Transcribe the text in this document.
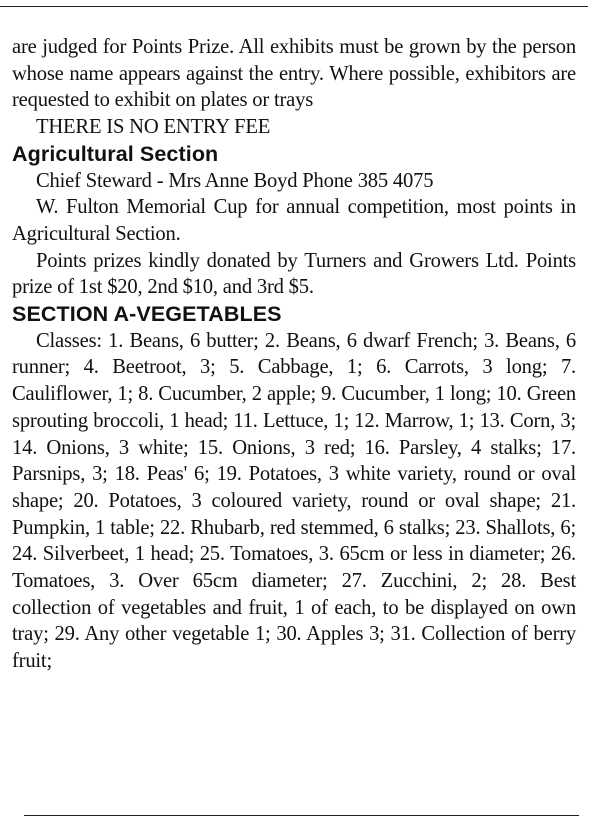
are judged for Points Prize. All exhibits must be grown by the person whose name appears against the entry. Where possible, exhibitors are requested to exhibit on plates or trays

THERE IS NO ENTRY FEE

Agricultural Section

Chief Steward - Mrs Anne Boyd Phone 385 4075

W. Fulton Memorial Cup for annual competition, most points in Agricultural Section.

Points prizes kindly donated by Turners and Growers Ltd. Points prize of 1st $20, 2nd $10, and 3rd $5.

SECTION A-VEGETABLES

Classes: 1. Beans, 6 butter; 2. Beans, 6 dwarf French; 3. Beans, 6 runner; 4. Beetroot, 3; 5. Cabbage, 1; 6. Carrots, 3 long; 7. Cauliflower, 1; 8. Cucumber, 2 apple; 9. Cucumber, 1 long; 10. Green sprouting broccoli, 1 head; 11. Lettuce, 1; 12. Marrow, 1; 13. Corn, 3; 14. Onions, 3 white; 15. Onions, 3 red; 16. Parsley, 4 stalks; 17. Parsnips, 3; 18. Peas' 6; 19. Potatoes, 3 white variety, round or oval shape; 20. Potatoes, 3 coloured variety, round or oval shape; 21. Pumpkin, 1 table; 22. Rhubarb, red stemmed, 6 stalks; 23. Shallots, 6; 24. Silverbeet, 1 head; 25. Tomatoes, 3. 65cm or less in diameter; 26. Tomatoes, 3. Over 65cm diameter; 27. Zucchini, 2; 28. Best collection of vegetables and fruit, 1 of each, to be displayed on own tray; 29. Any other vegetable 1; 30. Apples 3; 31. Collection of berry fruit;
